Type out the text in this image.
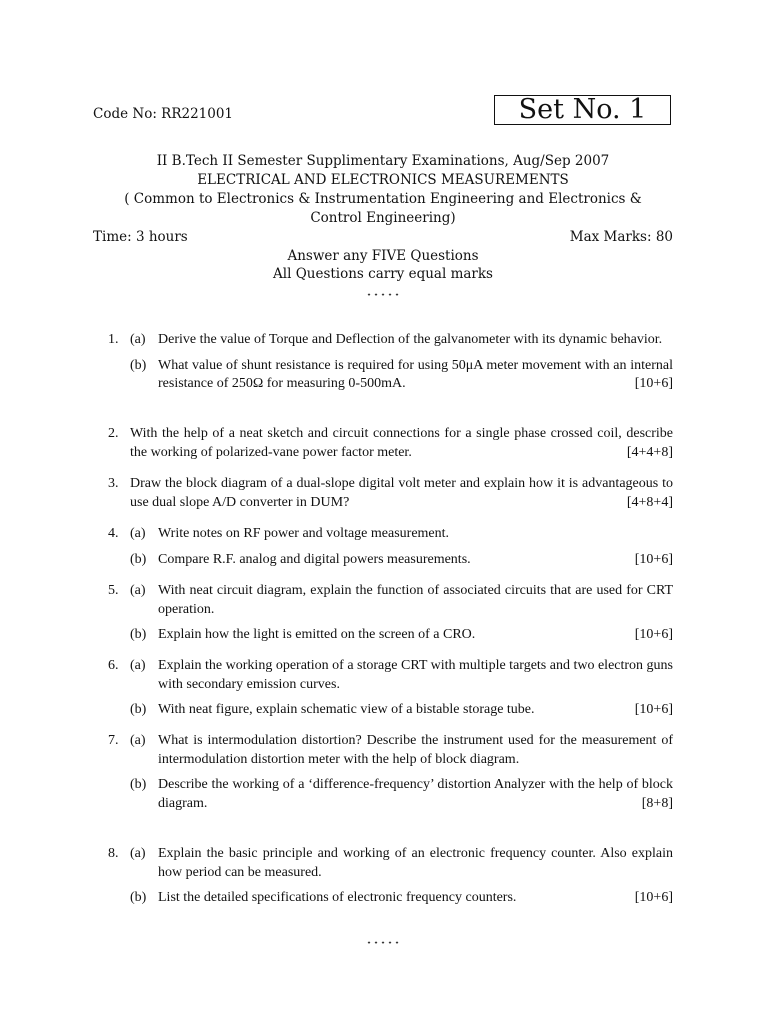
Code No: RR221001	Set No. 1
II B.Tech II Semester Supplimentary Examinations, Aug/Sep 2007
ELECTRICAL AND ELECTRONICS MEASUREMENTS
( Common to Electronics & Instrumentation Engineering and Electronics &
Control Engineering)
Time: 3 hours	Max Marks: 80
Answer any FIVE Questions
All Questions carry equal marks
⋆⋆⋆⋆⋆
1. (a) Derive the value of Torque and Deflection of the galvanometer with its dynamic behavior.
(b) What value of shunt resistance is required for using 50μA meter movement with an internal resistance of 250Ω for measuring 0-500mA.	[10+6]
2. With the help of a neat sketch and circuit connections for a single phase crossed coil, describe the working of polarized-vane power factor meter.	[4+4+8]
3. Draw the block diagram of a dual-slope digital volt meter and explain how it is advantageous to use dual slope A/D converter in DUM?	[4+8+4]
4. (a) Write notes on RF power and voltage measurement.
(b) Compare R.F. analog and digital powers measurements.	[10+6]
5. (a) With neat circuit diagram, explain the function of associated circuits that are used for CRT operation.
(b) Explain how the light is emitted on the screen of a CRO.	[10+6]
6. (a) Explain the working operation of a storage CRT with multiple targets and two electron guns with secondary emission curves.
(b) With neat figure, explain schematic view of a bistable storage tube.	[10+6]
7. (a) What is intermodulation distortion? Describe the instrument used for the measurement of intermodulation distortion meter with the help of block diagram.
(b) Describe the working of a ‘difference-frequency’ distortion Analyzer with the help of block diagram.	[8+8]
8. (a) Explain the basic principle and working of an electronic frequency counter. Also explain how period can be measured.
(b) List the detailed specifications of electronic frequency counters.	[10+6]
⋆⋆⋆⋆⋆
